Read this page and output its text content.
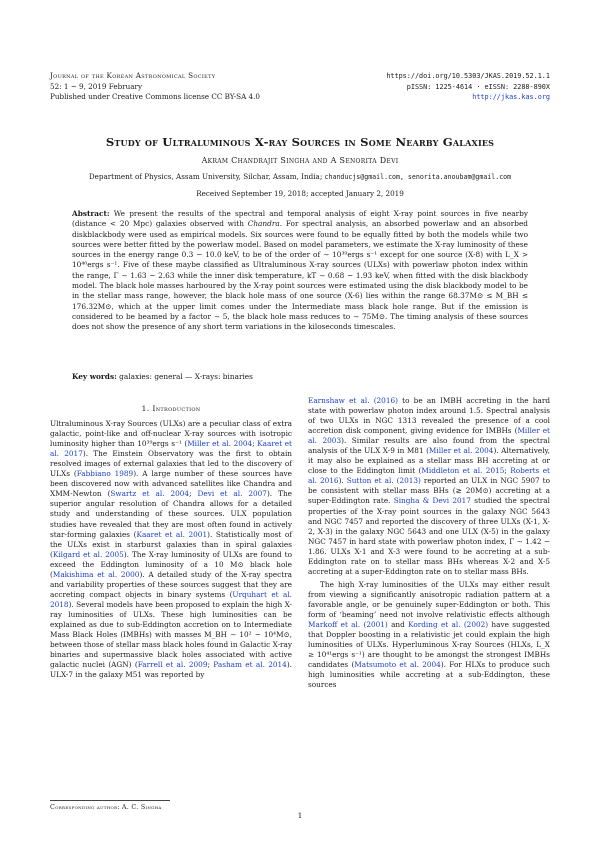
Journal of the Korean Astronomical Society
52: 1 ~ 9, 2019 February
Published under Creative Commons license CC BY-SA 4.0
https://doi.org/10.5303/JKAS.2019.52.1.1
pISSN: 1225-4614 · eISSN: 2288-890X
http://jkas.kas.org
Study of Ultraluminous X-ray Sources in Some Nearby Galaxies
Akram Chandrajit Singha and A Senorita Devi
Department of Physics, Assam University, Silchar, Assam, India; chanducjs@gmail.com, senorita.anoubam@gmail.com
Received September 19, 2018; accepted January 2, 2019
Abstract: We present the results of the spectral and temporal analysis of eight X-ray point sources in five nearby (distance < 20 Mpc) galaxies observed with Chandra. For spectral analysis, an absorbed powerlaw and an absorbed diskblackbody were used as empirical models. Six sources were found to be equally fitted by both the models while two sources were better fitted by the powerlaw model. Based on model parameters, we estimate the X-ray luminosity of these sources in the energy range 0.3 − 10.0 keV, to be of the order of ∼ 10³⁹ergs s⁻¹ except for one source (X-8) with L_X > 10⁴⁰ergs s⁻¹. Five of these maybe classified as Ultraluminous X-ray sources (ULXs) with powerlaw photon index within the range, Γ ∼ 1.63 − 2.63 while the inner disk temperature, kT ∼ 0.68 − 1.93 keV, when fitted with the disk blackbody model. The black hole masses harboured by the X-ray point sources were estimated using the disk blackbody model to be in the stellar mass range, however, the black hole mass of one source (X-6) lies within the range 68.37M⊙ ≤ M_BH ≤ 176.32M⊙, which at the upper limit comes under the Intermediate mass black hole range. But if the emission is considered to be beamed by a factor ∼ 5, the black hole mass reduces to ∼ 75M⊙. The timing analysis of these sources does not show the presence of any short term variations in the kiloseconds timescales.
Key words: galaxies: general — X-rays: binaries
1. Introduction

Ultraluminous X-ray Sources (ULXs) are a peculiar class of extra galactic, point-like and off-nuclear X-ray sources with isotropic luminosity higher than 10³⁹ergs s⁻¹ (Miller et al. 2004; Kaaret et al. 2017). The Einstein Observatory was the first to obtain resolved images of external galaxies that led to the discovery of ULXs (Fabbiano 1989). A large number of these sources have been discovered now with advanced satellites like Chandra and XMM-Newton (Swartz et al. 2004; Devi et al. 2007). The superior angular resolution of Chandra allows for a detailed study and understanding of these sources. ULX population studies have revealed that they are most often found in actively star-forming galaxies (Kaaret et al. 2001). Statistically most of the ULXs exist in starburst galaxies than in spiral galaxies (Kilgard et al. 2005). The X-ray luminosity of ULXs are found to exceed the Eddington luminosity of a 10 M⊙ black hole (Makishima et al. 2000). A detailed study of the X-ray spectra and variability properties of these sources suggest that they are accreting compact objects in binary systems (Urquhart et al. 2018). Several models have been proposed to explain the high X-ray luminosities of ULXs. These high luminosities can be explained as due to sub-Eddington accretion on to Intermediate Mass Black Holes (IMBHs) with masses M_BH ∼ 10² − 10⁴M⊙, between those of stellar mass black holes found in Galactic X-ray binaries and supermassive black holes associated with active galactic nuclei (AGN) (Farrell et al. 2009; Pasham et al. 2014). ULX-7 in the galaxy M51 was reported by

Earnshaw et al. (2016) to be an IMBH accreting in the hard state with powerlaw photon index around 1.5. Spectral analysis of two ULXs in NGC 1313 revealed the presence of a cool accretion disk component, giving evidence for IMBHs (Miller et al. 2003). Similar results are also found from the spectral analysis of the ULX X-9 in M81 (Miller et al. 2004). Alternatively, it may also be explained as a stellar mass BH accreting at or close to the Eddington limit (Middleton et al. 2015; Roberts et al. 2016). Sutton et al. (2013) reported an ULX in NGC 5907 to be consistent with stellar mass BHs (≳ 20M⊙) accreting at a super-Eddington rate. Singha & Devi 2017 studied the spectral properties of the X-ray point sources in the galaxy NGC 5643 and NGC 7457 and reported the discovery of three ULXs (X-1, X-2, X-3) in the galaxy NGC 5643 and one ULX (X-5) in the galaxy NGC 7457 in hard state with powerlaw photon index, Γ ∼ 1.42 − 1.86. ULXs X-1 and X-3 were found to be accreting at a sub-Eddington rate on to stellar mass BHs whereas X-2 and X-5 accreting at a super-Eddington rate on to stellar mass BHs.

The high X-ray luminosities of the ULXs may either result from viewing a significantly anisotropic radiation pattern at a favorable angle, or be genuinely super-Eddington or both. This form of ‘beaming’ need not involve relativistic effects although Markoff et al. (2001) and Kording et al. (2002) have suggested that Doppler boosting in a relativistic jet could explain the high luminosities of ULXs. Hyperluminous X-ray Sources (HLXs, L_X ≥ 10⁴¹ergs s⁻¹) are thought to be amongst the strongest IMBHs candidates (Matsumoto et al. 2004). For HLXs to produce such high luminosities while accreting at a sub-Eddington, these sources

Corresponding author: A. C. Singha
1
